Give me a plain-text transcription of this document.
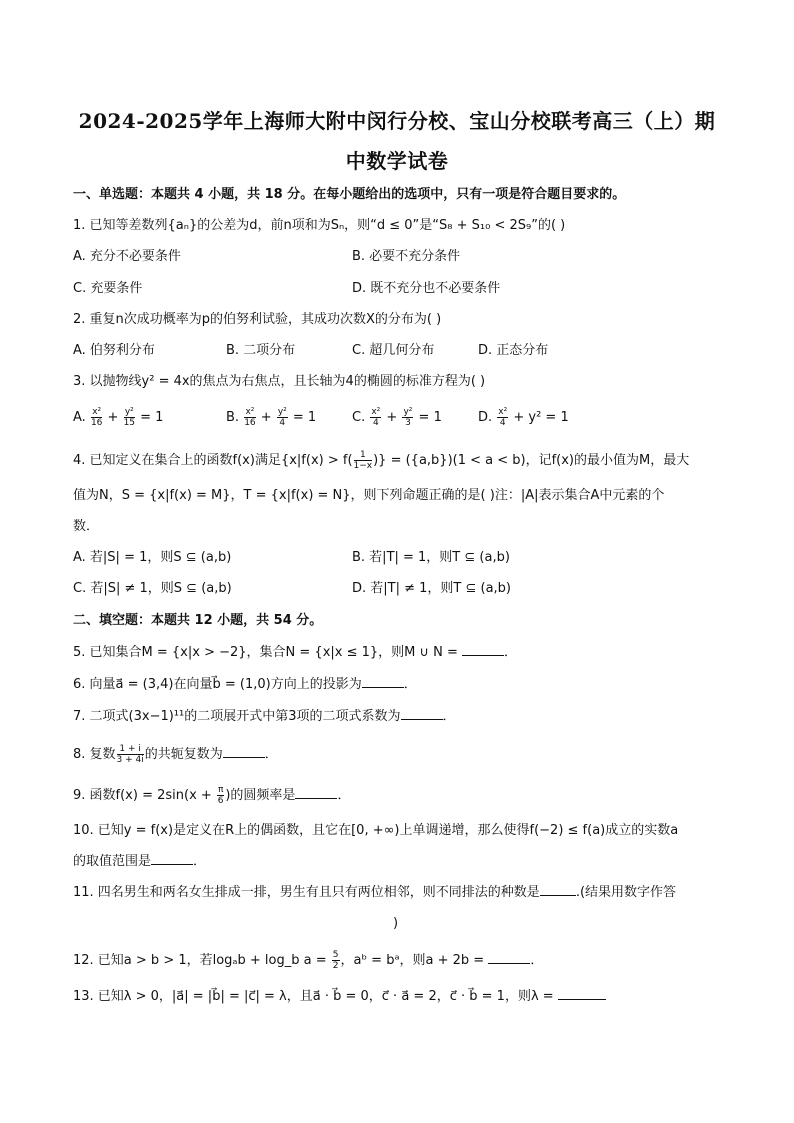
2024-2025学年上海师大附中闵行分校、宝山分校联考高三（上）期
中数学试卷
一、单选题：本题共 4 小题，共 18 分。在每小题给出的选项中，只有一项是符合题目要求的。
1. 已知等差数列{aₙ}的公差为d，前n项和为Sₙ，则“d ≤ 0”是“S₈ + S₁₀ < 2S₉”的( )
A. 充分不必要条件	B. 必要不充分条件
C. 充要条件	D. 既不充分也不必要条件
2. 重复n次成功概率为p的伯努利试验，其成功次数X的分布为( )
A. 伯努利分布	B. 二项分布	C. 超几何分布	D. 正态分布
3. 以抛物线y² = 4x的焦点为右焦点，且长轴为4的椭圆的标准方程为( )
A. $\frac{\text{x²}}{16} + \frac{\text{y²}}{15} = 1$	B. $\frac{\text{x²}}{16} + \frac{\text{y²}}{4} = 1$	C. $\frac{\text{x²}}{4} + \frac{\text{y²}}{3} = 1$	D. $\frac{\text{x²}}{4} + y^2 = 1$
4. 已知定义在集合上的函数f(x)满足{$x|f(x) > f( \frac{1}{1-x}$ )} = ({a,b})(1 < a < b)，记f(x)的最小值为M，最大
值为N，S = {x|f(x) = M}，T = {x|f(x) = N}，则下列命题正确的是( )注：|A|表示集合A中元素的个
数．
A. 若|S| = 1，则S ⊆ (a,b)	B. 若|T| = 1，则T ⊆ (a,b)
C. 若|S| ≠ 1，则S ⊆ (a,b)	D. 若|T| ≠ 1，则T ⊆ (a,b)
二、填空题：本题共 12 小题，共 54 分。
5. 已知集合M = {x|x > −2}，集合N = {x|x ≤ 1}，则M ∪ N =	．
6. 向量a⃗ = (3,4)在向量b⃗ = (1,0)方向上的投影为	．
7. 二项式(3x−1)¹¹的二项展开式中第3项的二项式系数为	．
8. 复数 $\frac{1 + i}{3 + 4i}$ 的共轭复数为	．
9. 函数$f(x) = 2\sin(x + \frac{\pi}{6}$ )的圆频率是	．
10. 已知y = f(x)是定义在R上的偶函数，且它在[0, +∞)上单调递增，那么使得f(−2) ≤ f(a)成立的实数a
的取值范围是	．
11. 四名男生和两名女生排成一排，男生有且只有两位相邻，则不同排法的种数是	.(结果用数字作答
)
12. 已知a > b > 1，若logₐb + log_b $a = \frac{5}{2}$ ，aᵇ = bᵃ，则a + 2b =	．
13. 已知λ > 0，|a⃗| = |b⃗| = |c⃗| = λ，且a⃗ · b⃗ = 0，c⃗ · a⃗ = 2，c⃗ · b⃗ = 1，则λ =
